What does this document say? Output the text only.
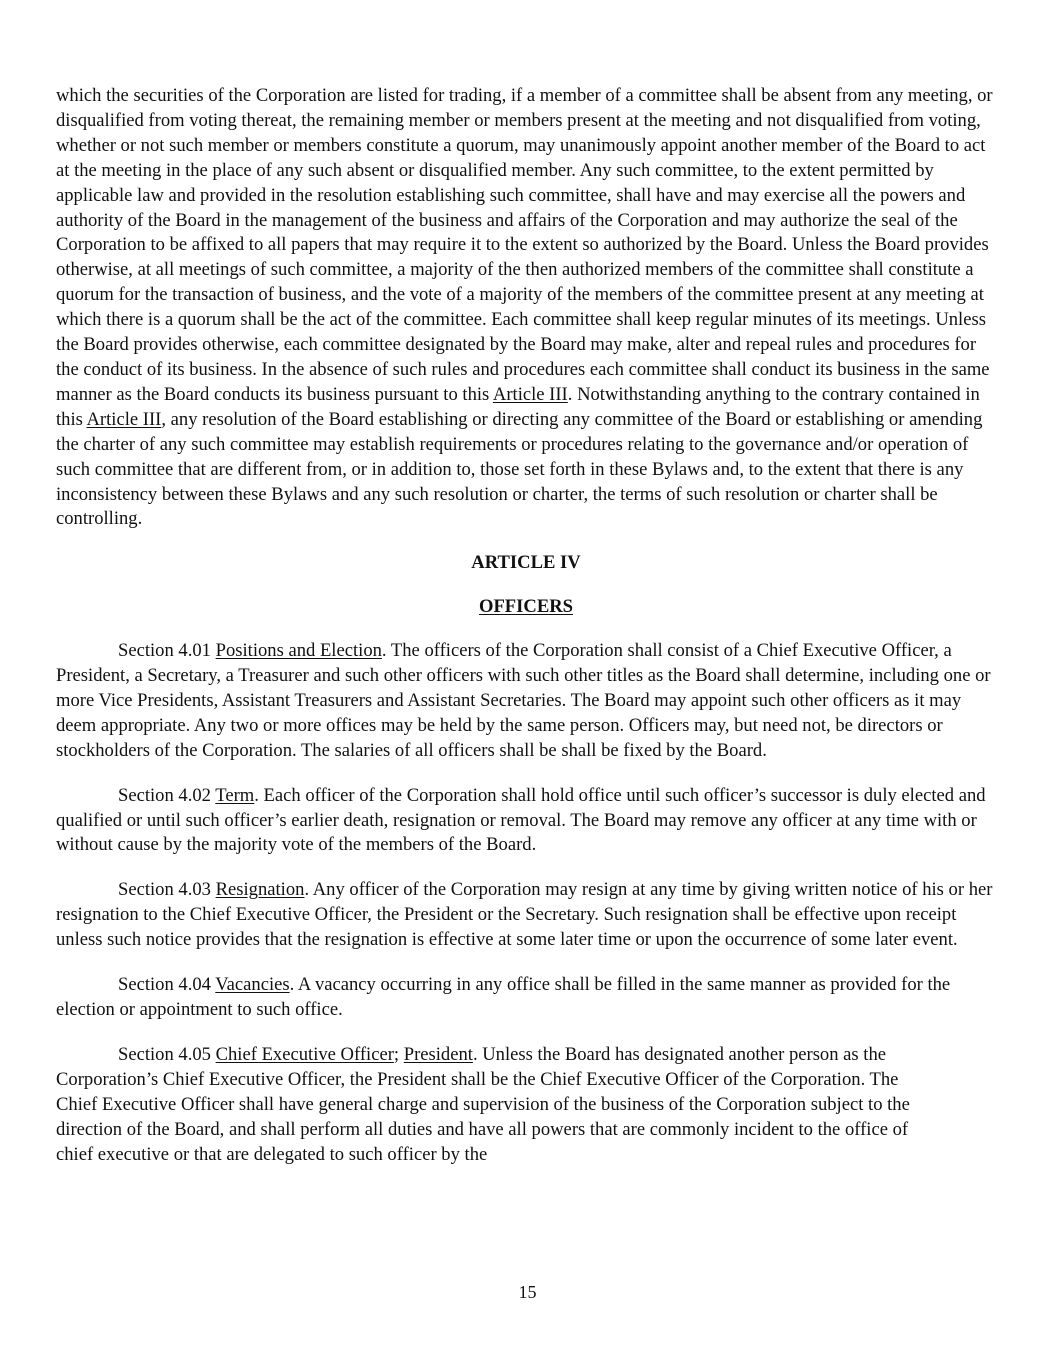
which the securities of the Corporation are listed for trading, if a member of a committee shall be absent from any meeting, or disqualified from voting thereat, the remaining member or members present at the meeting and not disqualified from voting, whether or not such member or members constitute a quorum, may unanimously appoint another member of the Board to act at the meeting in the place of any such absent or disqualified member. Any such committee, to the extent permitted by applicable law and provided in the resolution establishing such committee, shall have and may exercise all the powers and authority of the Board in the management of the business and affairs of the Corporation and may authorize the seal of the Corporation to be affixed to all papers that may require it to the extent so authorized by the Board. Unless the Board provides otherwise, at all meetings of such committee, a majority of the then authorized members of the committee shall constitute a quorum for the transaction of business, and the vote of a majority of the members of the committee present at any meeting at which there is a quorum shall be the act of the committee. Each committee shall keep regular minutes of its meetings. Unless the Board provides otherwise, each committee designated by the Board may make, alter and repeal rules and procedures for the conduct of its business. In the absence of such rules and procedures each committee shall conduct its business in the same manner as the Board conducts its business pursuant to this Article III. Notwithstanding anything to the contrary contained in this Article III, any resolution of the Board establishing or directing any committee of the Board or establishing or amending the charter of any such committee may establish requirements or procedures relating to the governance and/or operation of such committee that are different from, or in addition to, those set forth in these Bylaws and, to the extent that there is any inconsistency between these Bylaws and any such resolution or charter, the terms of such resolution or charter shall be controlling.

ARTICLE IV

OFFICERS

Section 4.01 Positions and Election. The officers of the Corporation shall consist of a Chief Executive Officer, a President, a Secretary, a Treasurer and such other officers with such other titles as the Board shall determine, including one or more Vice Presidents, Assistant Treasurers and Assistant Secretaries. The Board may appoint such other officers as it may deem appropriate. Any two or more offices may be held by the same person. Officers may, but need not, be directors or stockholders of the Corporation. The salaries of all officers shall be shall be fixed by the Board.

Section 4.02 Term. Each officer of the Corporation shall hold office until such officer’s successor is duly elected and qualified or until such officer’s earlier death, resignation or removal. The Board may remove any officer at any time with or without cause by the majority vote of the members of the Board.

Section 4.03 Resignation. Any officer of the Corporation may resign at any time by giving written notice of his or her resignation to the Chief Executive Officer, the President or the Secretary. Such resignation shall be effective upon receipt unless such notice provides that the resignation is effective at some later time or upon the occurrence of some later event.

Section 4.04 Vacancies. A vacancy occurring in any office shall be filled in the same manner as provided for the election or appointment to such office.

Section 4.05 Chief Executive Officer; President. Unless the Board has designated another person as the Corporation’s Chief Executive Officer, the President shall be the Chief Executive Officer of the Corporation. The Chief Executive Officer shall have general charge and supervision of the business of the Corporation subject to the direction of the Board, and shall perform all duties and have all powers that are commonly incident to the office of chief executive or that are delegated to such officer by the

15
